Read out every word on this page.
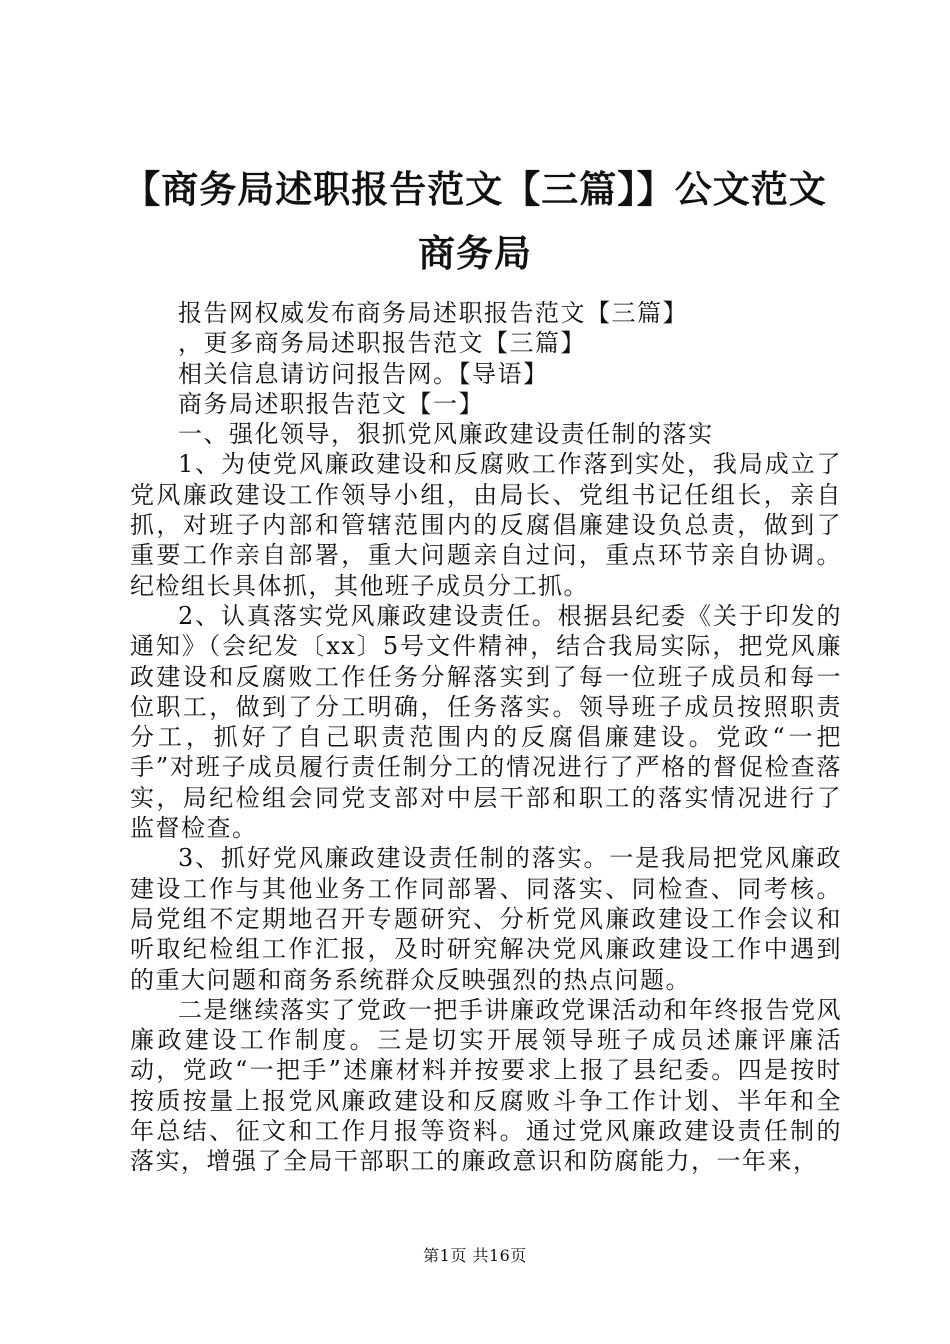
【商务局述职报告范文【三篇】】公文范文商务局

报告网权威发布商务局述职报告范文【三篇】

，更多商务局述职报告范文【三篇】

相关信息请访问报告网。【导语】

商务局述职报告范文【一】

一、强化领导，狠抓党风廉政建设责任制的落实

1、为使党风廉政建设和反腐败工作落到实处，我局成立了党风廉政建设工作领导小组，由局长、党组书记任组长，亲自抓，对班子内部和管辖范围内的反腐倡廉建设负总责，做到了重要工作亲自部署，重大问题亲自过问，重点环节亲自协调。纪检组长具体抓，其他班子成员分工抓。

2、认真落实党风廉政建设责任。根据县纪委《关于印发的通知》（会纪发〔xx〕5号文件精神，结合我局实际，把党风廉政建设和反腐败工作任务分解落实到了每一位班子成员和每一位职工，做到了分工明确，任务落实。领导班子成员按照职责分工，抓好了自己职责范围内的反腐倡廉建设。党政“一把手”对班子成员履行责任制分工的情况进行了严格的督促检查落实，局纪检组会同党支部对中层干部和职工的落实情况进行了监督检查。

3、抓好党风廉政建设责任制的落实。一是我局把党风廉政建设工作与其他业务工作同部署、同落实、同检查、同考核。局党组不定期地召开专题研究、分析党风廉政建设工作会议和听取纪检组工作汇报，及时研究解决党风廉政建设工作中遇到的重大问题和商务系统群众反映强烈的热点问题。

二是继续落实了党政一把手讲廉政党课活动和年终报告党风廉政建设工作制度。三是切实开展领导班子成员述廉评廉活动，党政“一把手”述廉材料并按要求上报了县纪委。四是按时按质按量上报党风廉政建设和反腐败斗争工作计划、半年和全年总结、征文和工作月报等资料。通过党风廉政建设责任制的落实，增强了全局干部职工的廉政意识和防腐能力，一年来，

第1页 共16页
